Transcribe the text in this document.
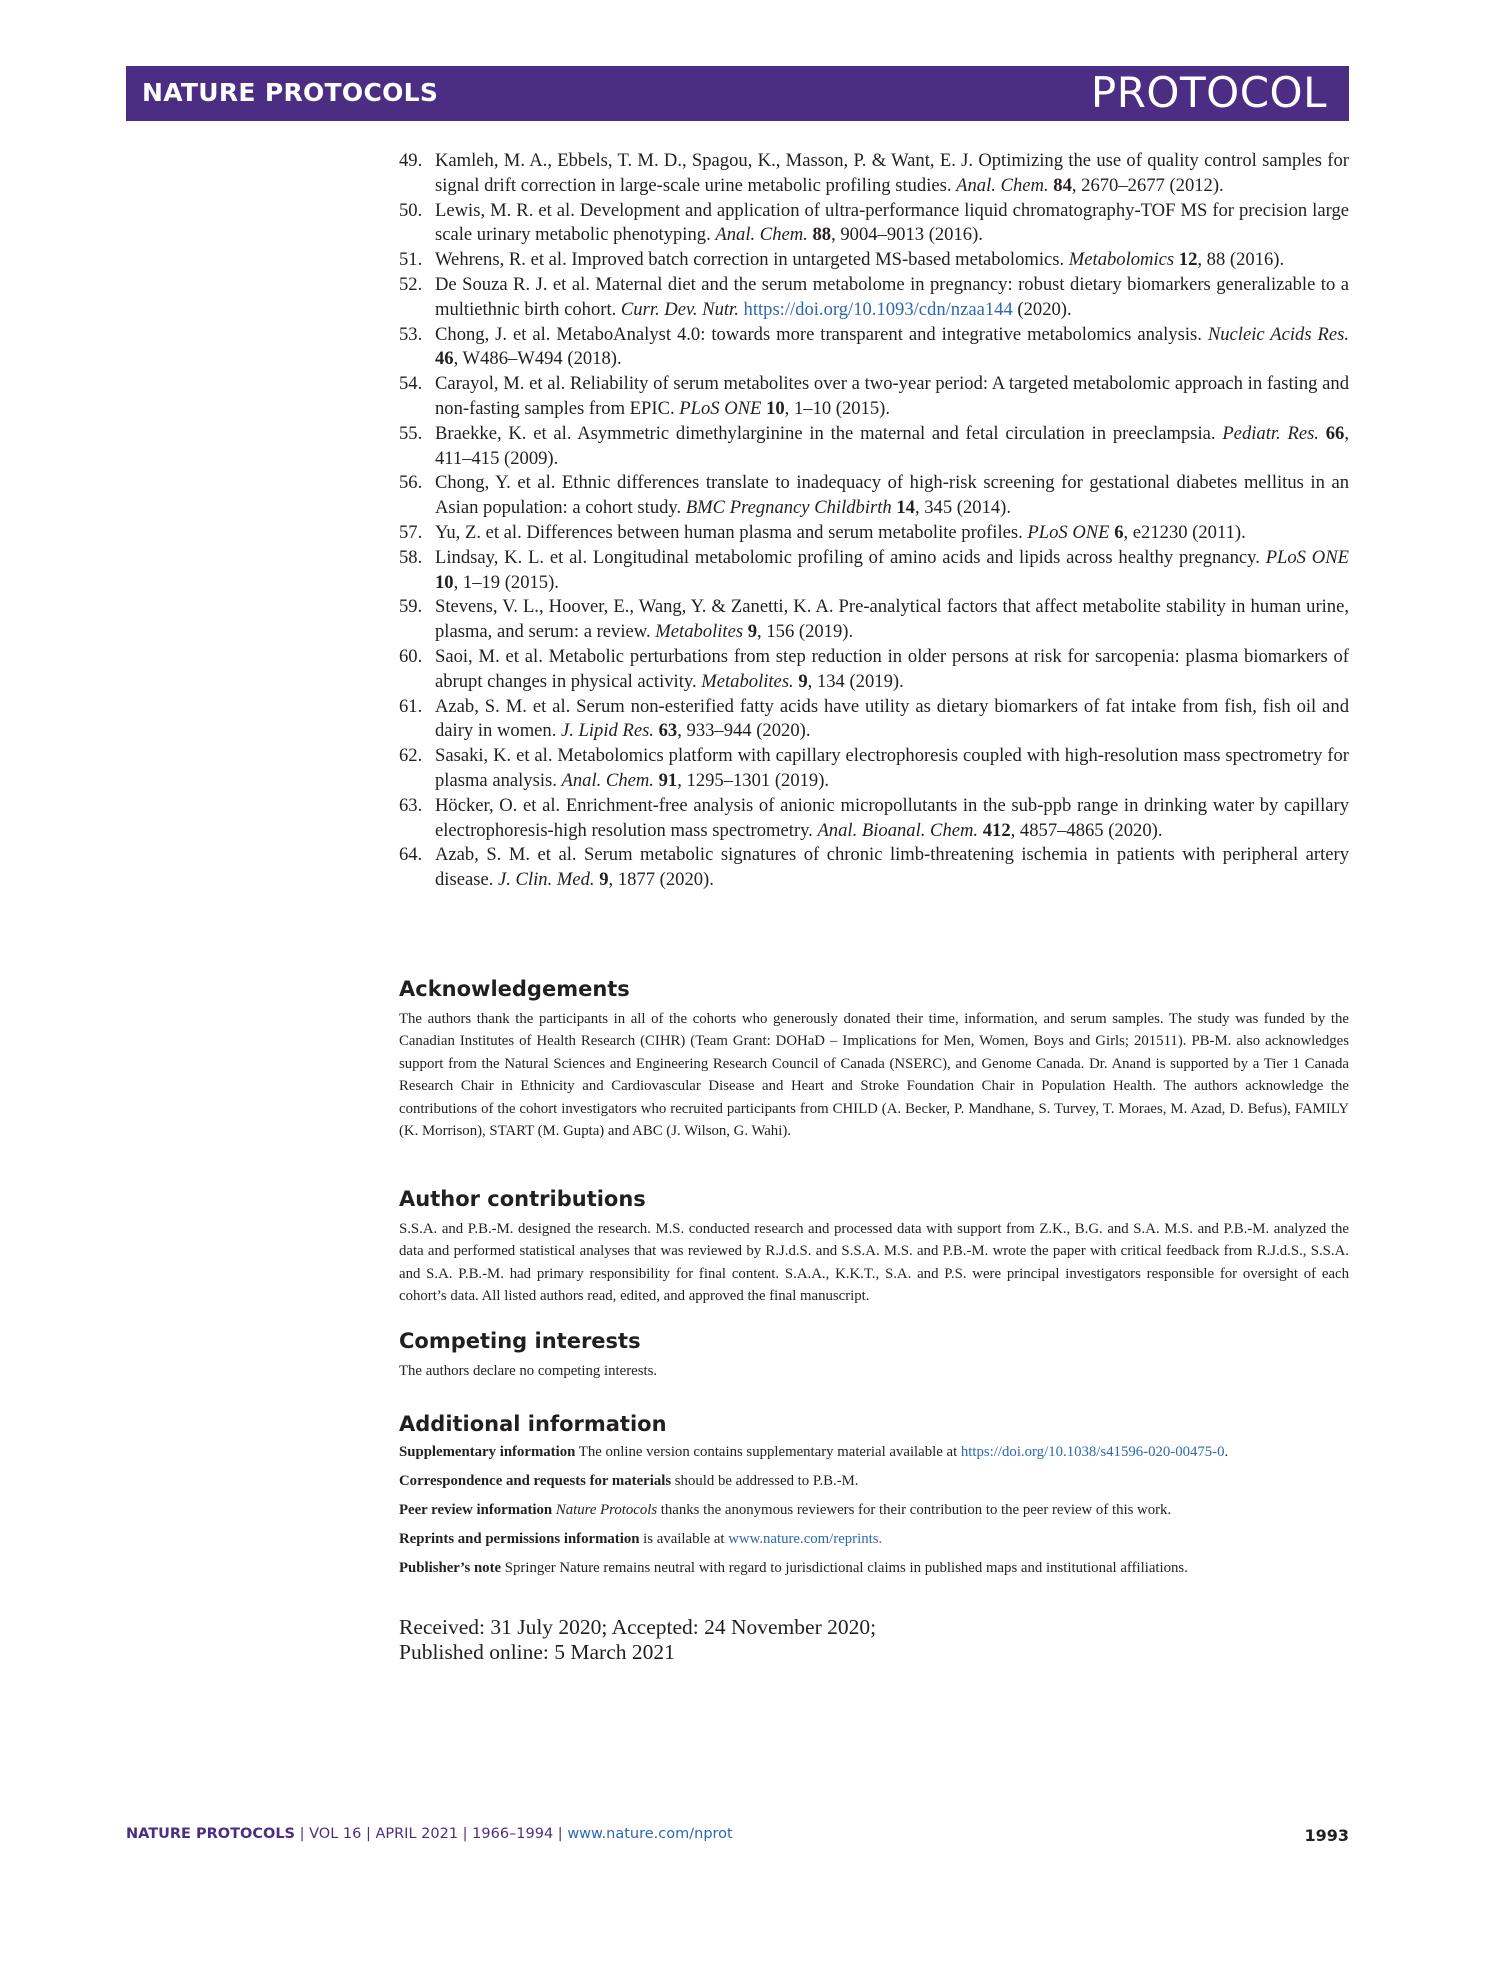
NATURE PROTOCOLS	PROTOCOL
49. Kamleh, M. A., Ebbels, T. M. D., Spagou, K., Masson, P. & Want, E. J. Optimizing the use of quality control samples for signal drift correction in large-scale urine metabolic profiling studies. Anal. Chem. 84, 2670–2677 (2012).
50. Lewis, M. R. et al. Development and application of ultra-performance liquid chromatography-TOF MS for precision large scale urinary metabolic phenotyping. Anal. Chem. 88, 9004–9013 (2016).
51. Wehrens, R. et al. Improved batch correction in untargeted MS-based metabolomics. Metabolomics 12, 88 (2016).
52. De Souza R. J. et al. Maternal diet and the serum metabolome in pregnancy: robust dietary biomarkers generalizable to a multiethnic birth cohort. Curr. Dev. Nutr. https://doi.org/10.1093/cdn/nzaa144 (2020).
53. Chong, J. et al. MetaboAnalyst 4.0: towards more transparent and integrative metabolomics analysis. Nucleic Acids Res. 46, W486–W494 (2018).
54. Carayol, M. et al. Reliability of serum metabolites over a two-year period: A targeted metabolomic approach in fasting and non-fasting samples from EPIC. PLoS ONE 10, 1–10 (2015).
55. Braekke, K. et al. Asymmetric dimethylarginine in the maternal and fetal circulation in preeclampsia. Pediatr. Res. 66, 411–415 (2009).
56. Chong, Y. et al. Ethnic differences translate to inadequacy of high-risk screening for gestational diabetes mellitus in an Asian population: a cohort study. BMC Pregnancy Childbirth 14, 345 (2014).
57. Yu, Z. et al. Differences between human plasma and serum metabolite profiles. PLoS ONE 6, e21230 (2011).
58. Lindsay, K. L. et al. Longitudinal metabolomic profiling of amino acids and lipids across healthy pregnancy. PLoS ONE 10, 1–19 (2015).
59. Stevens, V. L., Hoover, E., Wang, Y. & Zanetti, K. A. Pre-analytical factors that affect metabolite stability in human urine, plasma, and serum: a review. Metabolites 9, 156 (2019).
60. Saoi, M. et al. Metabolic perturbations from step reduction in older persons at risk for sarcopenia: plasma biomarkers of abrupt changes in physical activity. Metabolites. 9, 134 (2019).
61. Azab, S. M. et al. Serum non-esterified fatty acids have utility as dietary biomarkers of fat intake from fish, fish oil and dairy in women. J. Lipid Res. 63, 933–944 (2020).
62. Sasaki, K. et al. Metabolomics platform with capillary electrophoresis coupled with high-resolution mass spectrometry for plasma analysis. Anal. Chem. 91, 1295–1301 (2019).
63. Höcker, O. et al. Enrichment-free analysis of anionic micropollutants in the sub-ppb range in drinking water by capillary electrophoresis-high resolution mass spectrometry. Anal. Bioanal. Chem. 412, 4857–4865 (2020).
64. Azab, S. M. et al. Serum metabolic signatures of chronic limb-threatening ischemia in patients with peripheral artery disease. J. Clin. Med. 9, 1877 (2020).
Acknowledgements

The authors thank the participants in all of the cohorts who generously donated their time, information, and serum samples. The study was funded by the Canadian Institutes of Health Research (CIHR) (Team Grant: DOHaD – Implications for Men, Women, Boys and Girls; 201511). PB-M. also acknowledges support from the Natural Sciences and Engineering Research Council of Canada (NSERC), and Genome Canada. Dr. Anand is supported by a Tier 1 Canada Research Chair in Ethnicity and Cardiovascular Disease and Heart and Stroke Foundation Chair in Population Health. The authors acknowledge the contributions of the cohort investigators who recruited participants from CHILD (A. Becker, P. Mandhane, S. Turvey, T. Moraes, M. Azad, D. Befus), FAMILY (K. Morrison), START (M. Gupta) and ABC (J. Wilson, G. Wahi).

Author contributions

S.S.A. and P.B.-M. designed the research. M.S. conducted research and processed data with support from Z.K., B.G. and S.A. M.S. and P.B.-M. analyzed the data and performed statistical analyses that was reviewed by R.J.d.S. and S.S.A. M.S. and P.B.-M. wrote the paper with critical feedback from R.J.d.S., S.S.A. and S.A. P.B.-M. had primary responsibility for final content. S.A.A., K.K.T., S.A. and P.S. were principal investigators responsible for oversight of each cohort’s data. All listed authors read, edited, and approved the final manuscript.

Competing interests

The authors declare no competing interests.

Additional information

Supplementary information The online version contains supplementary material available at https://doi.org/10.1038/s41596-020-00475-0.

Correspondence and requests for materials should be addressed to P.B.-M.

Peer review information Nature Protocols thanks the anonymous reviewers for their contribution to the peer review of this work.

Reprints and permissions information is available at www.nature.com/reprints.

Publisher’s note Springer Nature remains neutral with regard to jurisdictional claims in published maps and institutional affiliations.

Received: 31 July 2020; Accepted: 24 November 2020;
Published online: 5 March 2021
NATURE PROTOCOLS | VOL 16 | APRIL 2021 | 1966–1994 | www.nature.com/nprot	1993
